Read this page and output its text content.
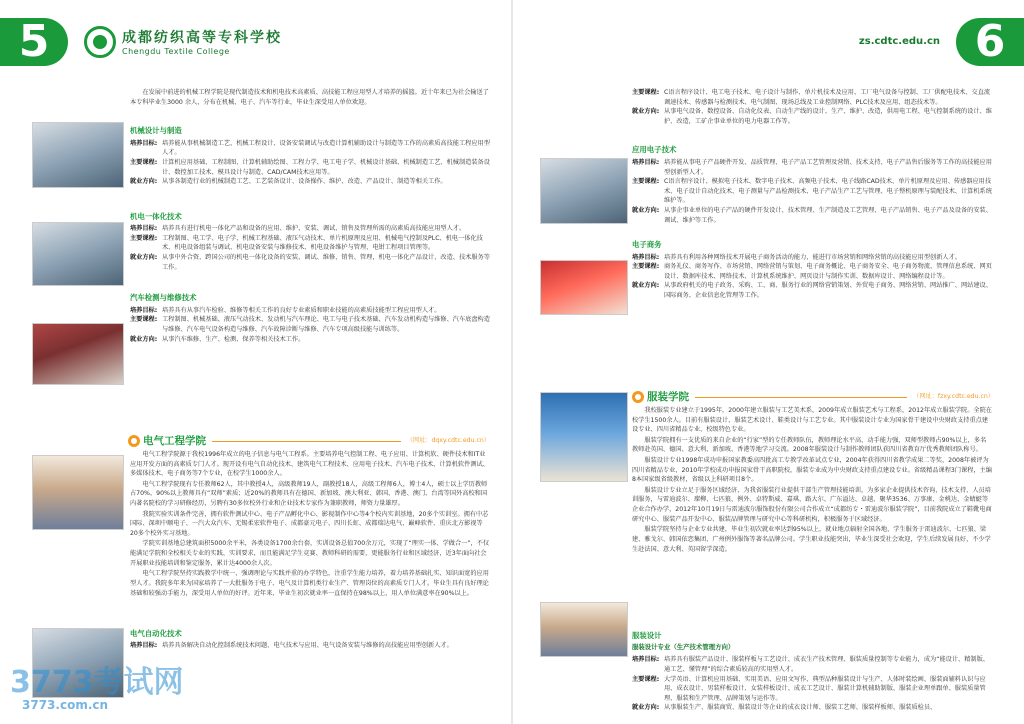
5	成都纺织高等专科学校
Chengdu Textile College
zs.cdtc.edu.cn 6
在发展中前进的机械工程学院是现代制造技术和机电技术高素质、高技能工程应用型人才培养的摇篮。近十年来已为社会输送了本专科毕业生3000 余人，分布在机械、电子、汽车等行业，毕业生深受用人单位欢迎。
机械设计与制造
培养目标: 培养能从事机械制造工艺、机械工程设计、设备安装调试与改造计算机辅助设计与制造等工作的高素质高技能工程应用型人才。
主要课程: 计算机应用基础、工程制图、计算机辅助绘图、工程力学、电工电子学、机械设计基础、机械制造工艺、机械制造装备设计、数控加工技术、模具设计与制造、CAD/CAM技术应用等。
就业方向: 从事各制造行业的机械制造工艺、工艺装备设计、设备操作、维护、改造、产品设计、制造等相关工作。
机电一体化技术
培养目标: 培养具有进行机电一体化产品和设备的应用、维护、安装、调试、销售及管理所需的高素质高技能应用型人才。
主要课程: 工程制图、电工学、电子学、机械工程基础、液压气动技术、单片机原理及应用、机械电气控制及PLC、机电一体化技术、机电设备组装与调试、机电设备安装与维修技术、机电设备维护与管理、电钳工程项目管理等。
就业方向: 从事中外合资、跨国公司的机电一体化设备的安装、调试、维修、销售、管理，机电一体化产品设计、改造、技术服务等工作。
汽车检测与维修技术
培养目标: 培养具有从事汽车检验、维修等相关工作的良好专业素质和职业技能的高素质技能型工程应用型人才。
主要课程: 工程制图、机械基础、液压气动技术、发动机与汽车理论、电工与电子技术基础、汽车发动机构造与维修、汽车底盘构造与维修、汽车电气设备构造与维修、汽车故障诊断与维修、汽车专项高级技能与训练等。
就业方向: 从事汽车维修、生产、检测、保养等相关技术工作。
电气工程学院	（网址：dqxy.cdtc.edu.cn）
电气工程学院源于我校1996年成立的电子信息与电气工程系。主要培养电气控制工程、电子应用、计算机软、硬件技术和IT业应用开发方面的高素质专门人才。现开设有电气自动化技术、建筑电气工程技术、应用电子技术、汽车电子技术、计算机软件测试、多媒体技术、电子商务等7个专业，在校学生1000余人。
电气工程学院现有专任教师62人，其中教授4人，高级教师19人，副教授18人，高级工程师6人，博士4人，硕士以上学历教师占70%，90%以上教师具有“双师”素质；近20%的教师具有在德国、新加坡、澳大利亚、韩国、香港、澳门、台湾等国外高校和国内著名院校的学习研修经历，另聘有30多位校外行业和企业技术专家作为兼职教师，师资力量雄厚。
我院实验实训条件完善，拥有软件测试中心、电子产品孵化中心、影视制作中心等4个校内实训基地，20多个实训室。拥有中芯国际、深圳中顺电子、一汽大众汽车、无锡柔宏软件电子、成都豪元电子、四川长虹、成都瑞达电气、巅峰软件、重庆北方影视等20多个校外实习基地。
学院实训基地总建筑面积5000余平米，各类设备1700余台套，实训设备总值700余万元，实现了“理实一体、学做合一”，不仅能满足学院和全校相关专业的实践、实训要求，而且能满足学生竞赛、教师科研的需要，更能服务行业和区域经济，近3年面向社会开展职业技能培训和鉴定服务，累计达4000余人次。
电气工程学院坚持实践教学中统一，强调理论与实践并重的办学特色，注重学生能力培养，着力培养基础扎实、知识面宽的应用型人才。我院多年来为国家培养了一大批服务于电子、电气及计算机类行业生产、管理岗位的高素质专门人才。毕业生具有良好理论基础和较强动手能力，深受用人单位的好评。近年来，毕业生初次就业率一直保持在98%以上，用人单位满意率在90%以上。
电气自动化技术
培养目标: 培养具备解决自动化控制系统技术问题、电气技术与应用、电气设备安装与维修的高技能应用型创新人才。
主要课程: C语言程序设计、电工电子技术、电子设计与制作、单片机技术及应用、工厂电气设备与控制、工厂供配电技术、交直流调速技术、传感器与检测技术、电气制图、现场总线及工业控制网络、PLC技术及应用、组态技术等。
就业方向: 从事电气设备、数控设备、自动化仪表、自动生产线的设计、生产、维护、改造，供用电工程、电气控制系统的设计、维护、改造，工矿企事业单位的电力电器工作等。
应用电子技术
培养目标: 培养能从事电子产品硬件开发、品质管理、电子产品工艺管理及营销、技术支持、电子产品售后服务等工作的高技能应用型创新型人才。
主要课程: C语言程序设计、模拟电子技术、数字电子技术、高频电子技术、电子线路CAD技术、单片机原理及应用、传感器应用技术、电子设计自动化技术、电子测量与产品检测技术、电子产品生产工艺与管理、电子整机原理与装配技术、计算机系统维护等。
就业方向: 从事企事业单位的电子产品的硬件开发设计、技术管理、生产制造及工艺管理、电子产品销售、电子产品及设备的安装、调试、维护等工作。
电子商务
培养目标: 培养具有利用各种网络技术开展电子商务活动的能力，能进行市场营销和网络营销的高技能应用型创新人才。
主要课程: 商务礼仪、商务写作、市场营销、网络营销与策划、电子商务概论、电子商务安全、电子商务物流、管理信息系统、网页设计、数据库技术、网络技术、计算机系统维护、网页设计与制作实训、数据库设计、网络编程设计等。
就业方向: 从事政府机关的电子政务、采购、工、商、服务行业的网络营销策划、外贸电子商务、网络营销、网站推广、网站建设、国际商务、企业信息化管理等工作。
服装学院	（网址：fzxy.cdtc.edu.cn）
我校服装专业建立于1995年，2000年建立服装与工艺美术系，2009年成立服装艺术与工程系，2012年成立服装学院。全院在校学生1500余人。目前有服装设计、服装艺术设计、鞋类设计与工艺专业。其中服装设计专业为国家骨干建设中央财政支持重点建设专业、四川省精品专业、校级特色专业。
服装学院拥有一支优质的来自企业的“行家”型的专任教师队伍，教师理论水平高、动手能力强，双师型教师占90%以上，多名教师赴英国、德国、意大利、新加坡、香港等地学习交流。2008年服装设计与制作教师团队获四川省教育厅优秀教师团队称号。
服装设计专业1998年成功申报国家教委高四批高工专教学改革试点专业，2004年获得四川省教学成果二等奖，2008年被评为四川省精品专业，2010年学校成功申报国家骨干高职院校，服装专业成为中央财政支持重点建设专业。省级精品课程3门课程，主编8本国家级省级教材，省级以上科研项目8个。
服装设计专业立足于服务区域经济，为我省服装行业提供干部生产管理技能培训，为多家企业提供技术咨询，技术支持、人员培训服务，与雷迪波尔、璨柳、七匹狼、例外、卓特斯威、嘉琪、路大尔、广东溢达、卓越、聚华3536、万事康、金桃达、金蜻蜓等企业合作办学，2012年10月19日与雷迪波尔服饰股份有限公司合作成立“成都纺专・雷迪波尔服装学院”，目前我院成立了鞋靴电商研究中心、服装产品开发中心、服装品牌管理与研究中心等科研机构，积极服务于区域经济。
服装学院坚持与企业专业共建，毕业生初次就业率达到95%以上，就业地点辐射全国各地，学生服务于雷迪波尔、七匹狼、梁建、雅戈尔、韩国依恋集团、广州例外服饰等著名品牌公司。学生职业技能突出，毕业生深受社会欢迎，学生后续发展良好，不少学生赴法国、意大利、英国留学深造。
服装设计
服装设计专业（生产技术管理方向）
培养目标: 培养具有服装产品设计、服装样板与工艺设计、成衣生产技术管理、服装质量控制等专业能力，成为“能设计、精制版、通工艺、懂管理”的综合素质较高的实用型人才。
主要课程: 大学英语、计算机应用基础、实用美语、应用文写作、典型品种服装设计与生产、人体时装绘画、服装面辅料认识与应用、成衣设计、男装样板设计、女装样板设计、成衣工艺设计、服装计算机辅助制版、服装企业理单跟单、服装质量管理、服装和生产管理、品牌策划与运作等。
就业方向: 从事服装生产、服装商贸、服装设计等企业的成衣设计师、服装工艺师、服装样板师、服装质检员、
3773考试网
3773.com.cn
